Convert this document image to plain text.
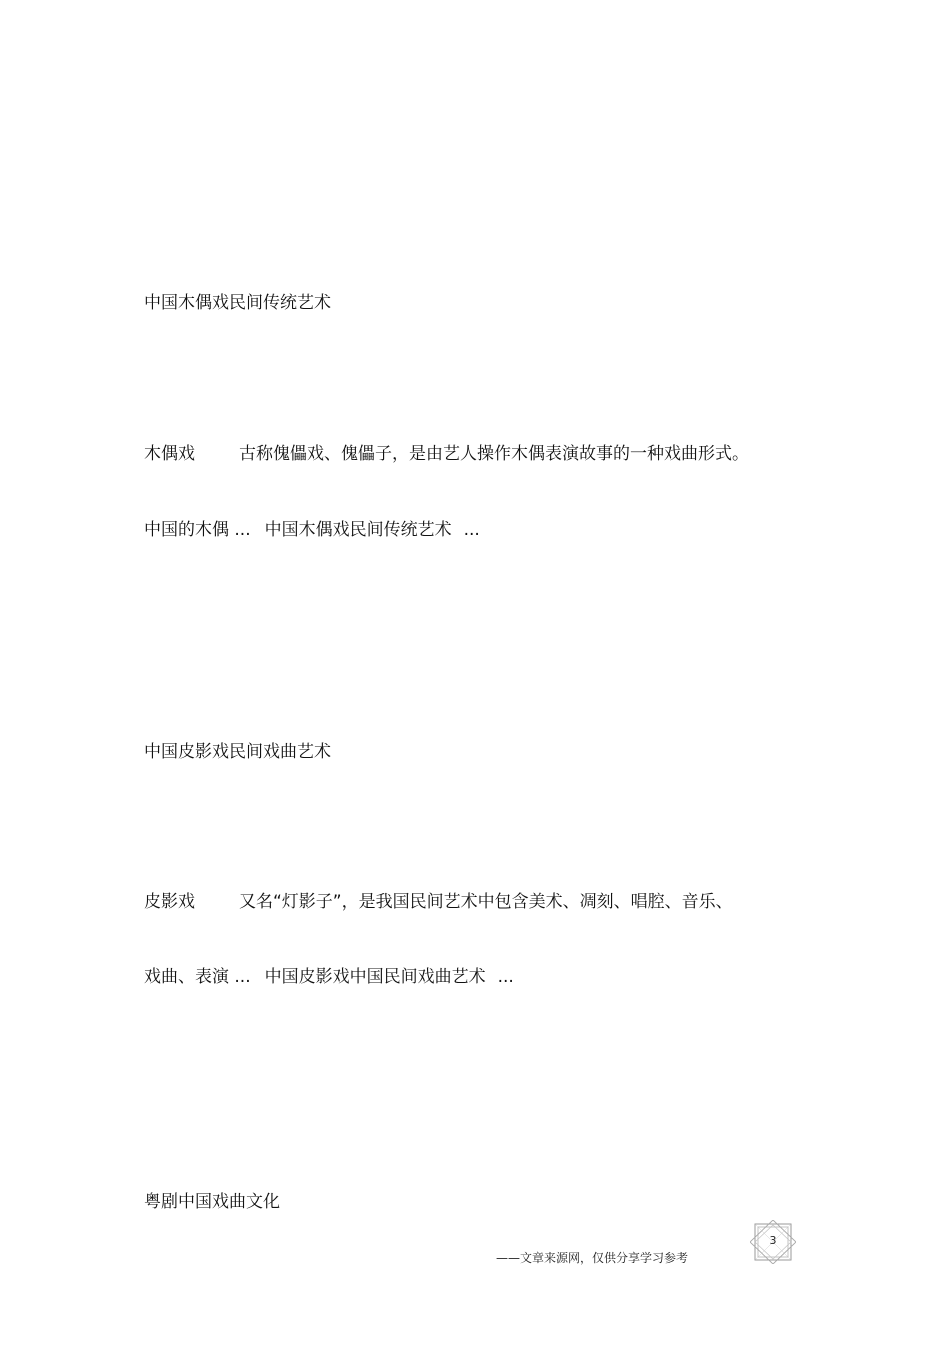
中国木偶戏民间传统艺术
木偶戏	古称傀儡戏、傀儡子，是由艺人操作木偶表演故事的一种戏曲形式。
中国的木偶 ... 中国木偶戏民间传统艺术 ...
中国皮影戏民间戏曲艺术
皮影戏	又名“灯影子”，是我国民间艺术中包含美术、凋刻、唱腔、音乐、
戏曲、表演 ... 中国皮影戏中国民间戏曲艺术 ...
粤剧中国戏曲文化
——文章来源网，仅供分享学习参考
3
